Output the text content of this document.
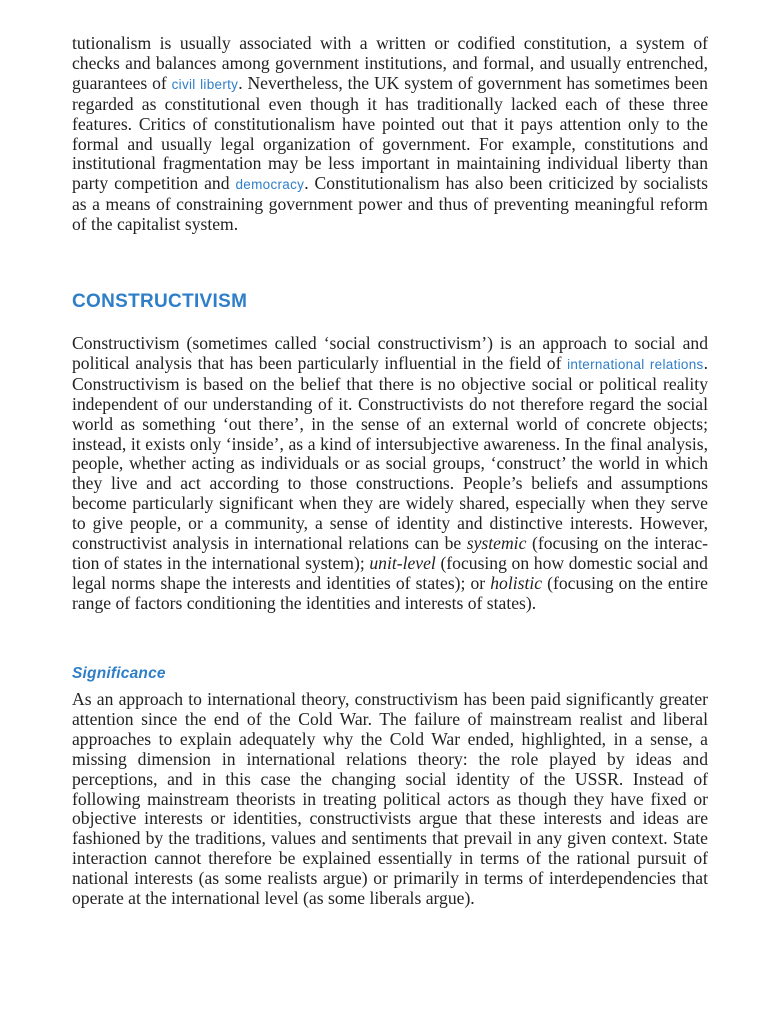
tutionalism is usually associated with a written or codified constitution, a system of checks and balances among government institutions, and formal, and usually entrenched, guarantees of civil liberty. Nevertheless, the UK system of government has sometimes been regarded as constitutional even though it has traditionally lacked each of these three features. Critics of constitutionalism have pointed out that it pays attention only to the formal and usually legal organization of government. For example, constitutions and institutional fragmentation may be less important in maintaining individual liberty than party competition and democracy. Constitutionalism has also been criticized by socialists as a means of constraining government power and thus of preventing meaningful reform of the capitalist system.

CONSTRUCTIVISM

Constructivism (sometimes called ‘social constructivism’) is an approach to social and political analysis that has been particularly influential in the field of international relations. Constructivism is based on the belief that there is no objective social or political reality independent of our understanding of it. Constructivists do not therefore regard the social world as something ‘out there’, in the sense of an external world of concrete objects; instead, it exists only ‘inside’, as a kind of intersubjective awareness. In the final analysis, people, whether acting as individuals or as social groups, ‘construct’ the world in which they live and act according to those constructions. People’s beliefs and assumptions become particularly significant when they are widely shared, especially when they serve to give people, or a community, a sense of identity and distinctive interests. However, constructivist analysis in international relations can be systemic (focusing on the interaction of states in the international system); unit-level (focusing on how domestic social and legal norms shape the interests and identities of states); or holistic (focusing on the entire range of factors conditioning the identities and interests of states).

Significance

As an approach to international theory, constructivism has been paid significantly greater attention since the end of the Cold War. The failure of mainstream realist and liberal approaches to explain adequately why the Cold War ended, highlighted, in a sense, a missing dimension in international relations theory: the role played by ideas and perceptions, and in this case the changing social identity of the USSR. Instead of following mainstream theorists in treating political actors as though they have fixed or objective interests or identities, constructivists argue that these interests and ideas are fashioned by the traditions, values and sentiments that prevail in any given context. State interaction cannot therefore be explained essentially in terms of the rational pursuit of national interests (as some realists argue) or primarily in terms of interdependencies that operate at the international level (as some liberals argue).
